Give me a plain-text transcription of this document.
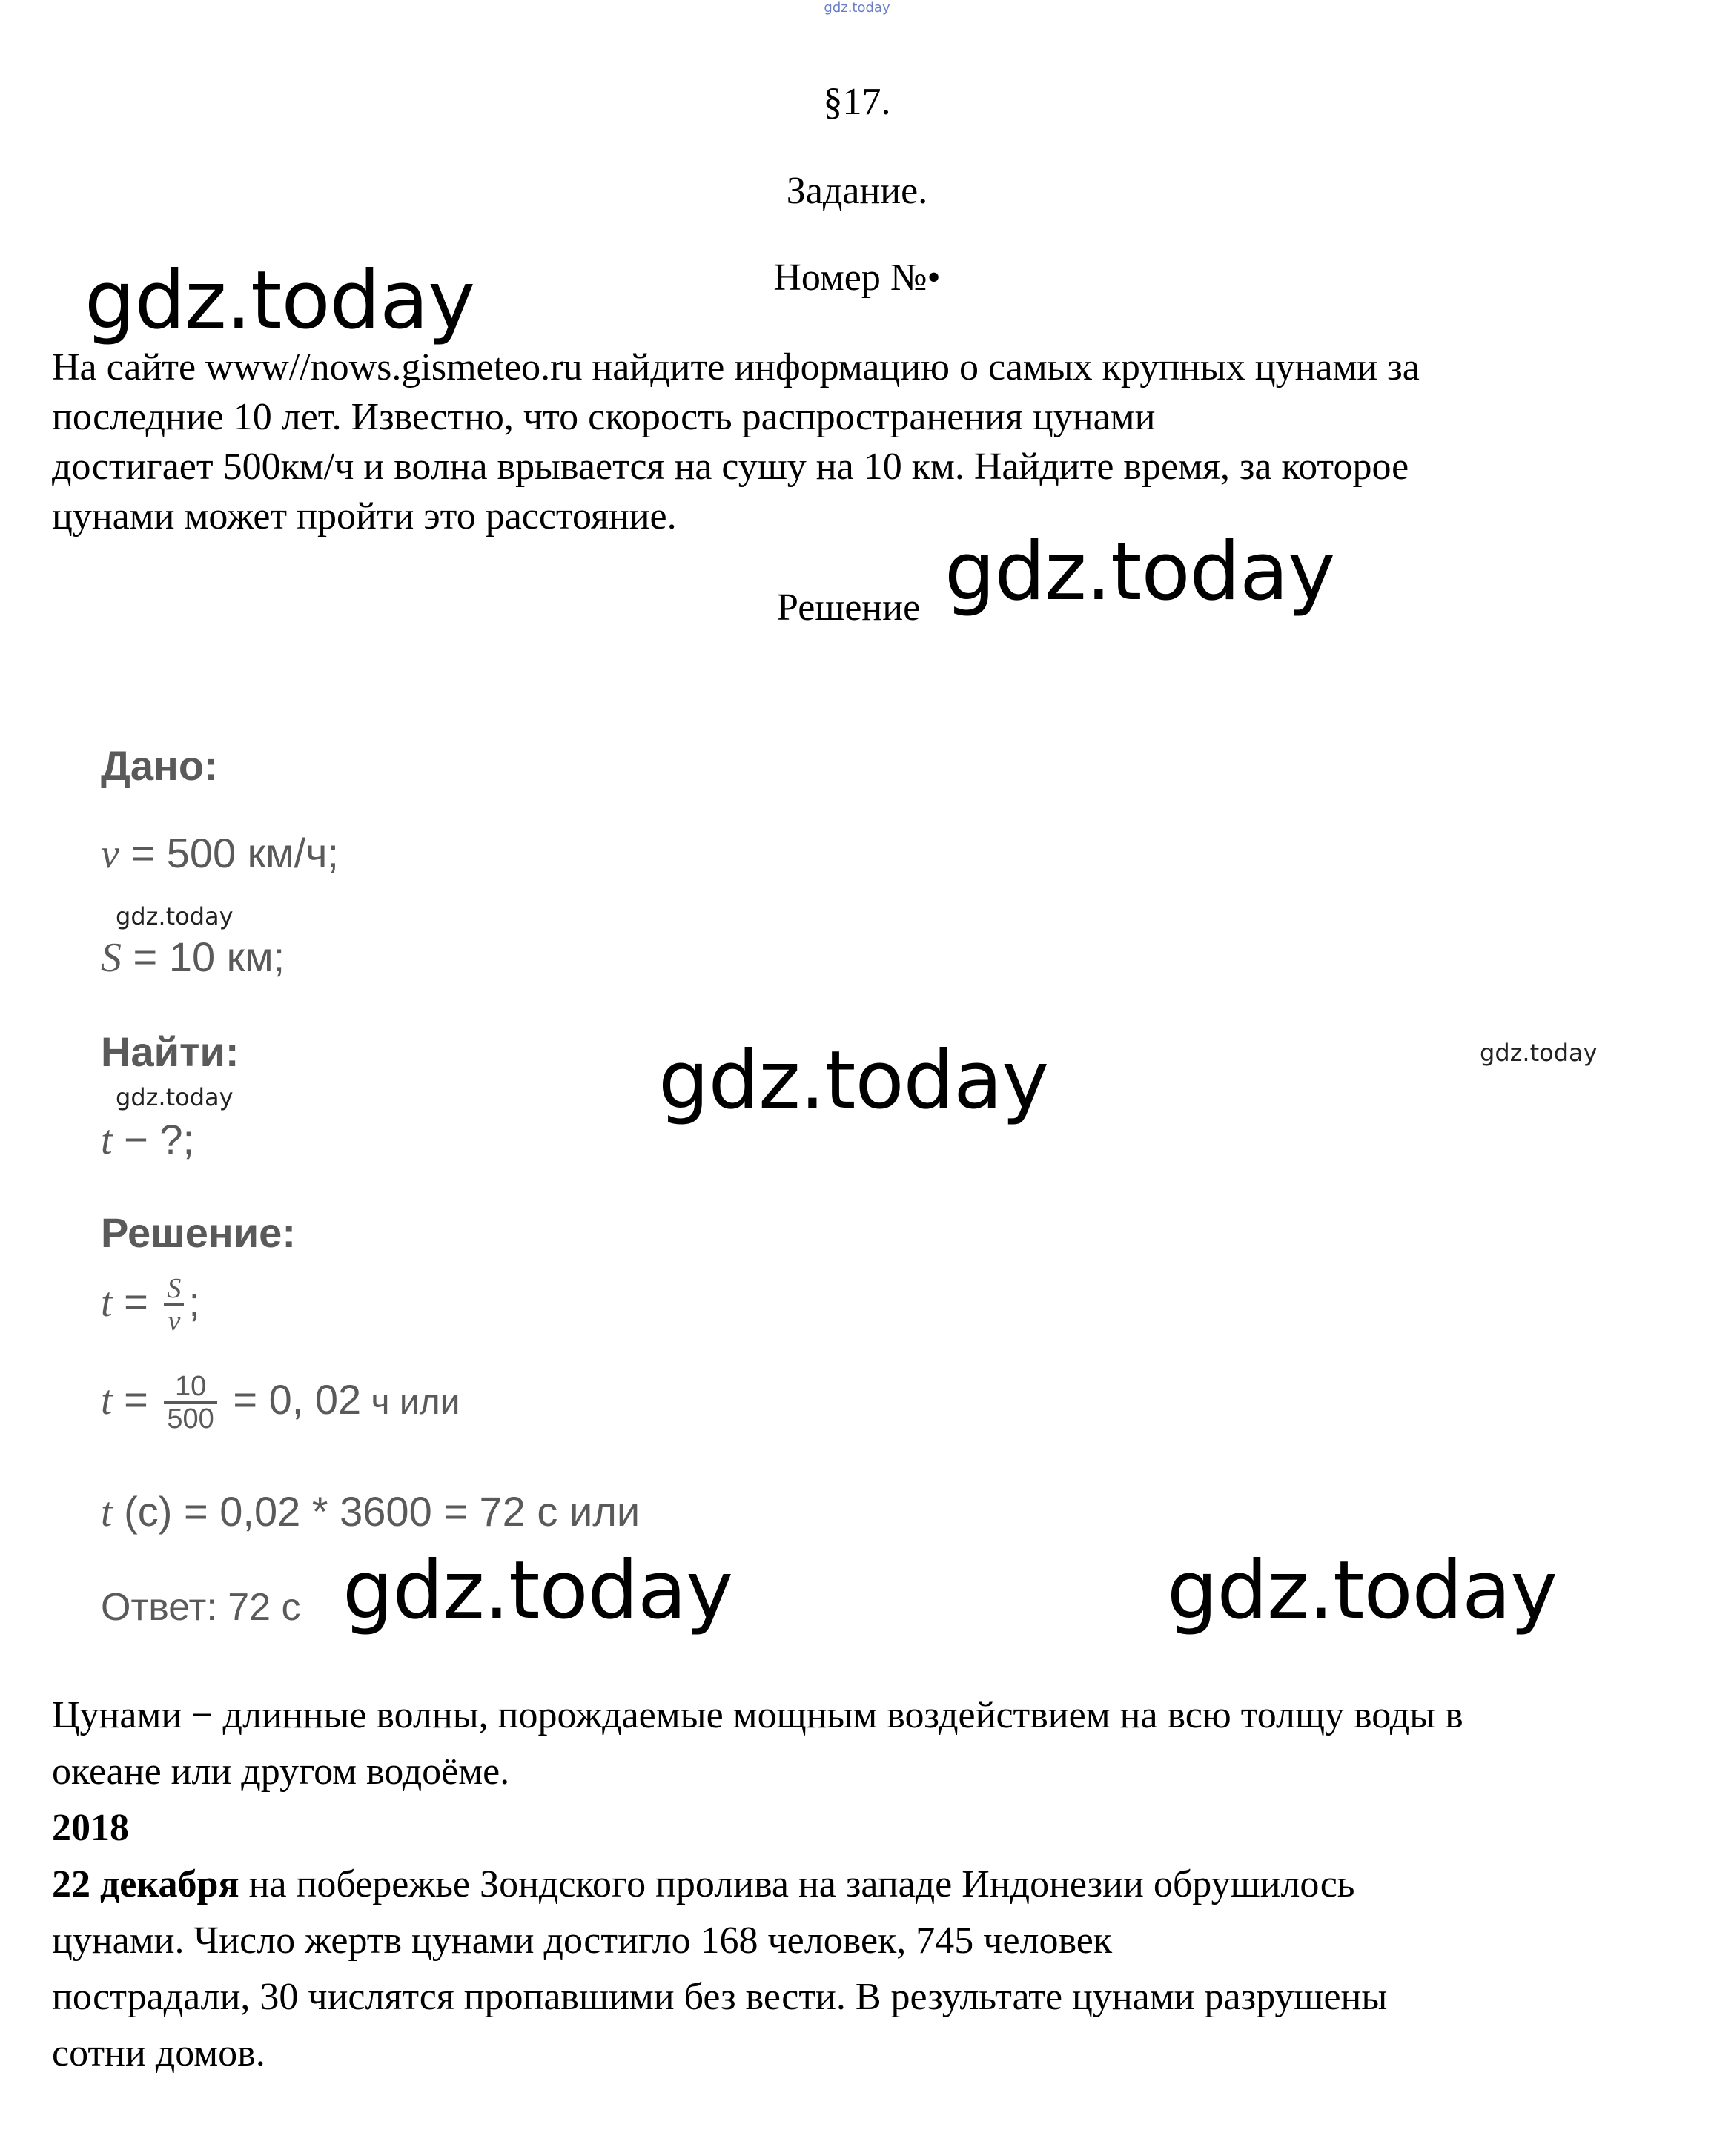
gdz.today
§17.
Задание.
Номер №•
gdz.today
gdz.today
gdz.today
gdz.today	gdz.today
gdz.today
gdz.today	gdz.today
На сайте www//nows.gismeteo.ru найдите информацию о самых крупных цунами за
последние 10 лет. Известно, что скорость распространения цунами
достигает 500км/ч и волна врывается на сушу на 10 км. Найдите время, за которое
цунами может пройти это расстояние.
Решение
Дано:
v = 500 км/ч;
S = 10 км;
Найти:
t − ?;
Решение:
$t = \frac{S}{v}$ ;
$t = \frac{10}{500} = 0$, 02 ч или
t (с) = 0,02 * 3600 = 72 с или
Ответ: 72 с
Цунами − длинные волны, порождаемые мощным воздействием на всю толщу воды в
океане или другом водоёме.
2018
22 декабря на побережье Зондского пролива на западе Индонезии обрушилось
цунами. Число жертв цунами достигло 168 человек, 745 человек
пострадали, 30 числятся пропавшими без вести. В результате цунами разрушены
сотни домов.
